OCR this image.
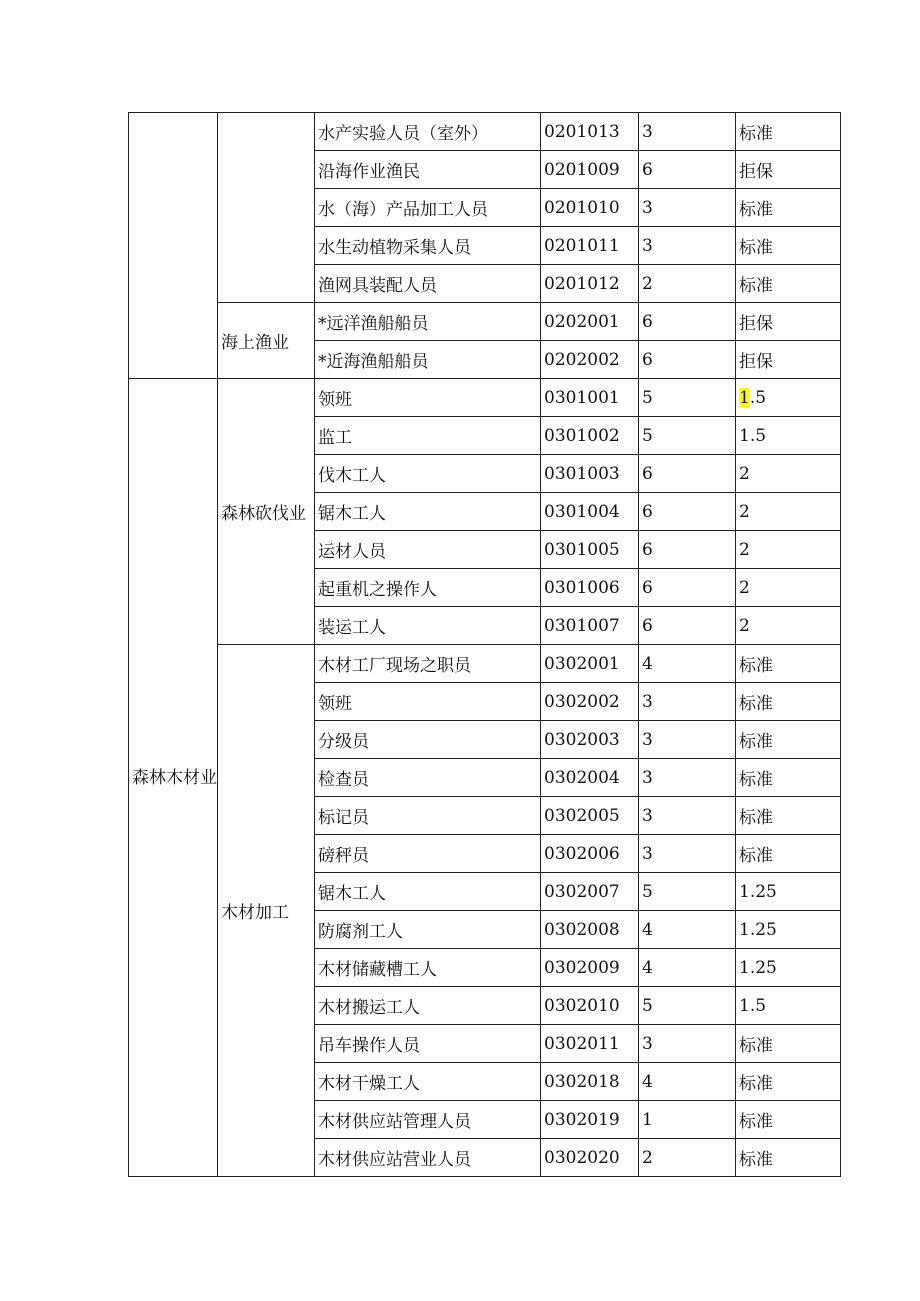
		水产实验人员（室外）	0201013	3	标准
		沿海作业渔民	0201009	6	拒保
		水（海）产品加工人员	0201010	3	标准
		水生动植物采集人员	0201011	3	标准
		渔网具装配人员	0201012	2	标准
	海上渔业	*远洋渔船船员	0202001	6	拒保
		*近海渔船船员	0202002	6	拒保
森林木材业	森林砍伐业	领班	0301001	5	1.5
		监工	0301002	5	1.5
		伐木工人	0301003	6	2
		锯木工人	0301004	6	2
		运材人员	0301005	6	2
		起重机之操作人	0301006	6	2
		装运工人	0301007	6	2
	木材加工	木材工厂现场之职员	0302001	4	标准
		领班	0302002	3	标准
		分级员	0302003	3	标准
		检查员	0302004	3	标准
		标记员	0302005	3	标准
		磅秤员	0302006	3	标准
		锯木工人	0302007	5	1.25
		防腐剂工人	0302008	4	1.25
		木材储藏槽工人	0302009	4	1.25
		木材搬运工人	0302010	5	1.5
		吊车操作人员	0302011	3	标准
		木材干燥工人	0302018	4	标准
		木材供应站管理人员	0302019	1	标准
		木材供应站营业人员	0302020	2	标准
